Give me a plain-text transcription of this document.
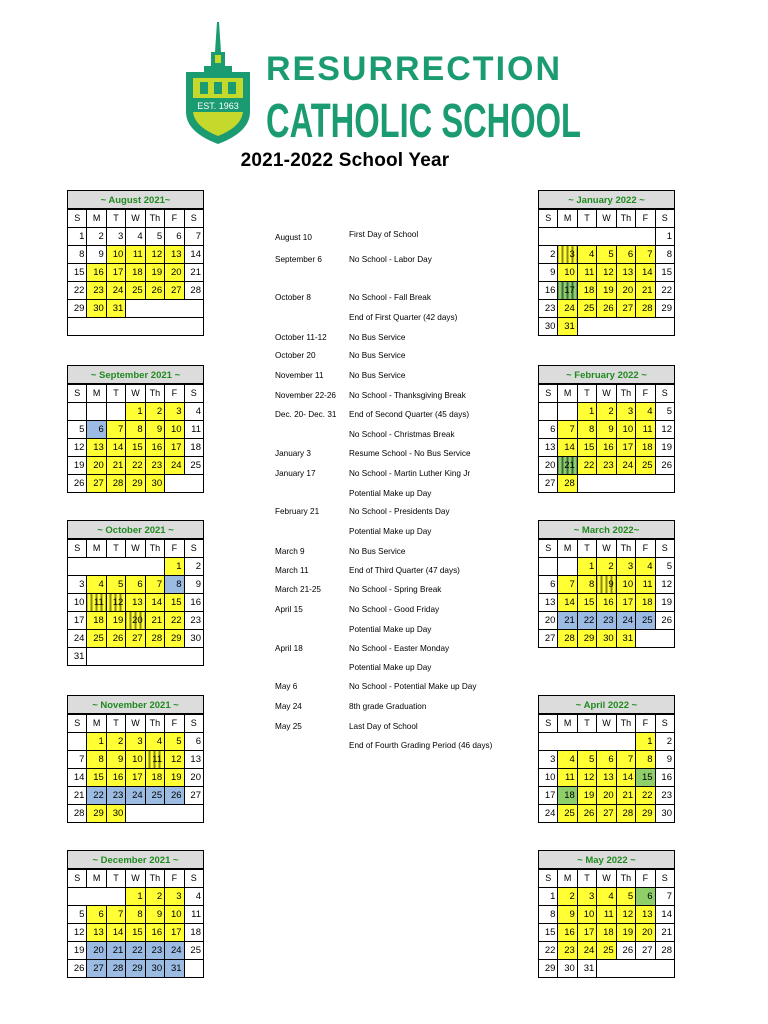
EST. 1963
RESURRECTION
CATHOLIC SCHOOL
2021-2022 School Year
~ August 2021~
S	M	T	W	Th	F	S
1	2	3	4	5	6	7
8	9	10	11	12	13	14
15	16	17	18	19	20	21
22	23	24	25	26	27	28
29	30	31				

~ September 2021 ~
S	M	T	W	Th	F	S
			1	2	3	4
5	6	7	8	9	10	11
12	13	14	15	16	17	18
19	20	21	22	23	24	25
26	27	28	29	30		
~ October 2021 ~
S	M	T	W	Th	F	S
					1	2
3	4	5	6	7	8	9
10	11	12	13	14	15	16
17	18	19	20	21	22	23
24	25	26	27	28	29	30
31						
~ November 2021 ~
S	M	T	W	Th	F	S
	1	2	3	4	5	6
7	8	9	10	11	12	13
14	15	16	17	18	19	20
21	22	23	24	25	26	27
28	29	30				
~ December 2021 ~
S	M	T	W	Th	F	S
			1	2	3	4
5	6	7	8	9	10	11
12	13	14	15	16	17	18
19	20	21	22	23	24	25
26	27	28	29	30	31	
~ January 2022 ~
S	M	T	W	Th	F	S
						1
2	3	4	5	6	7	8
9	10	11	12	13	14	15
16	17	18	19	20	21	22
23	24	25	26	27	28	29
30	31					
~ February 2022 ~
S	M	T	W	Th	F	S
		1	2	3	4	5
6	7	8	9	10	11	12
13	14	15	16	17	18	19
20	21	22	23	24	25	26
27	28					
~ March 2022~
S	M	T	W	Th	F	S
		1	2	3	4	5
6	7	8	9	10	11	12
13	14	15	16	17	18	19
20	21	22	23	24	25	26
27	28	29	30	31		
~ April 2022 ~
S	M	T	W	Th	F	S
					1	2
3	4	5	6	7	8	9
10	11	12	13	14	15	16
17	18	19	20	21	22	23
24	25	26	27	28	29	30
~ May 2022 ~
S	M	T	W	Th	F	S
1	2	3	4	5	6	7
8	9	10	11	12	13	14
15	16	17	18	19	20	21
22	23	24	25	26	27	28
29	30	31				
August 10	First Day of School
September 6	No School - Labor Day
October 8	No School - Fall Break
End of First Quarter (42 days)
October 11-12	No Bus Service
October 20	No Bus Service
November 11	No Bus Service
November 22-26 No School - Thanksgiving Break
Dec. 20- Dec. 31 End of Second Quarter (45 days)
No School - Christmas Break
January 3	Resume School - No Bus Service
January 17	No School - Martin Luther King Jr
Potential Make up Day
February 21	No School - Presidents Day
Potential Make up Day
March 9	No Bus Service
March 11	End of Third Quarter (47 days)
March 21-25	No School - Spring Break
April 15	No School - Good Friday
Potential Make up Day
April 18	No School - Easter Monday
Potential Make up Day
May 6	No School - Potential Make up Day
May 24	8th grade Graduation
May 25	Last Day of School
End of Fourth Grading Period (46 days)
